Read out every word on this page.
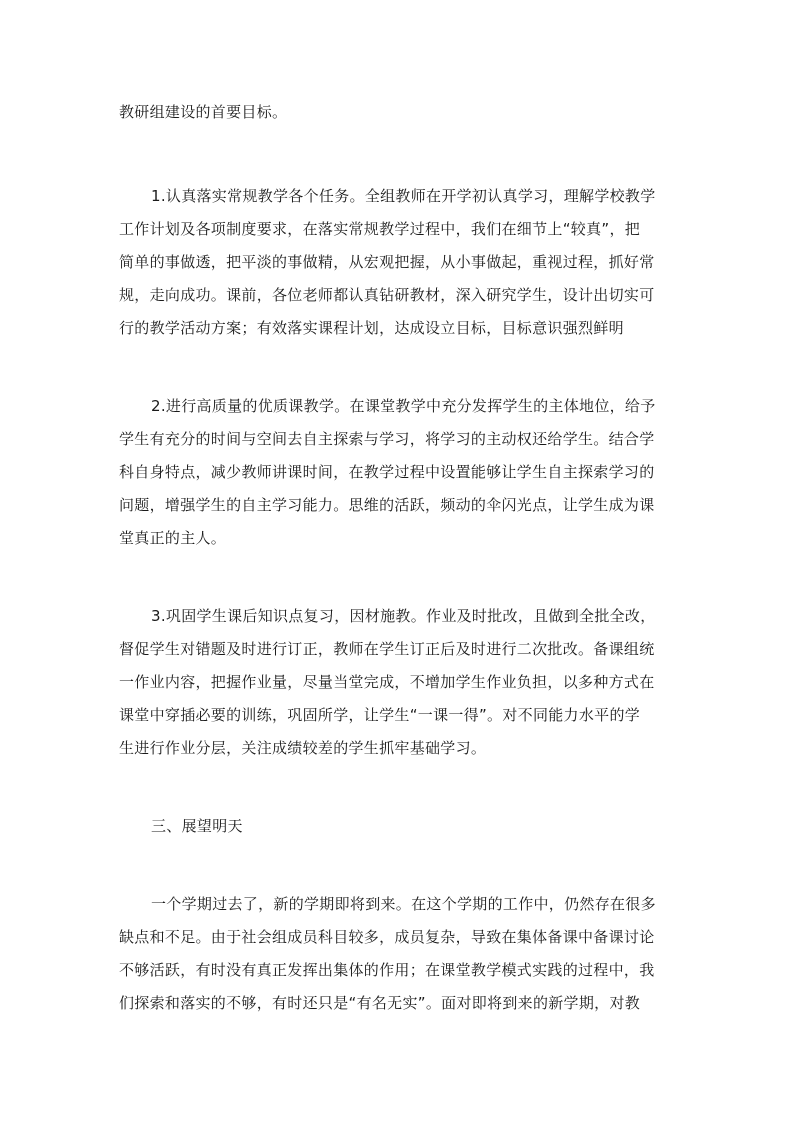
教研组建设的首要目标。
1.认真落实常规教学各个任务。全组教师在开学初认真学习，理解学校教学
工作计划及各项制度要求，在落实常规教学过程中，我们在细节上“较真”，把
简单的事做透，把平淡的事做精，从宏观把握，从小事做起，重视过程，抓好常
规，走向成功。课前，各位老师都认真钻研教材，深入研究学生，设计出切实可
行的教学活动方案；有效落实课程计划，达成设立目标，目标意识强烈鲜明
2.进行高质量的优质课教学。在课堂教学中充分发挥学生的主体地位，给予
学生有充分的时间与空间去自主探索与学习，将学习的主动权还给学生。结合学
科自身特点，减少教师讲课时间，在教学过程中设置能够让学生自主探索学习的
问题，增强学生的自主学习能力。思维的活跃，频动的伞闪光点，让学生成为课
堂真正的主人。
3.巩固学生课后知识点复习，因材施教。作业及时批改，且做到全批全改，
督促学生对错题及时进行订正，教师在学生订正后及时进行二次批改。备课组统
一作业内容，把握作业量，尽量当堂完成，不增加学生作业负担，以多种方式在
课堂中穿插必要的训练，巩固所学，让学生“一课一得”。对不同能力水平的学
生进行作业分层，关注成绩较差的学生抓牢基础学习。
三、展望明天
一个学期过去了，新的学期即将到来。在这个学期的工作中，仍然存在很多
缺点和不足。由于社会组成员科目较多，成员复杂，导致在集体备课中备课讨论
不够活跃，有时没有真正发挥出集体的作用；在课堂教学模式实践的过程中，我
们探索和落实的不够，有时还只是“有名无实”。面对即将到来的新学期，对教
